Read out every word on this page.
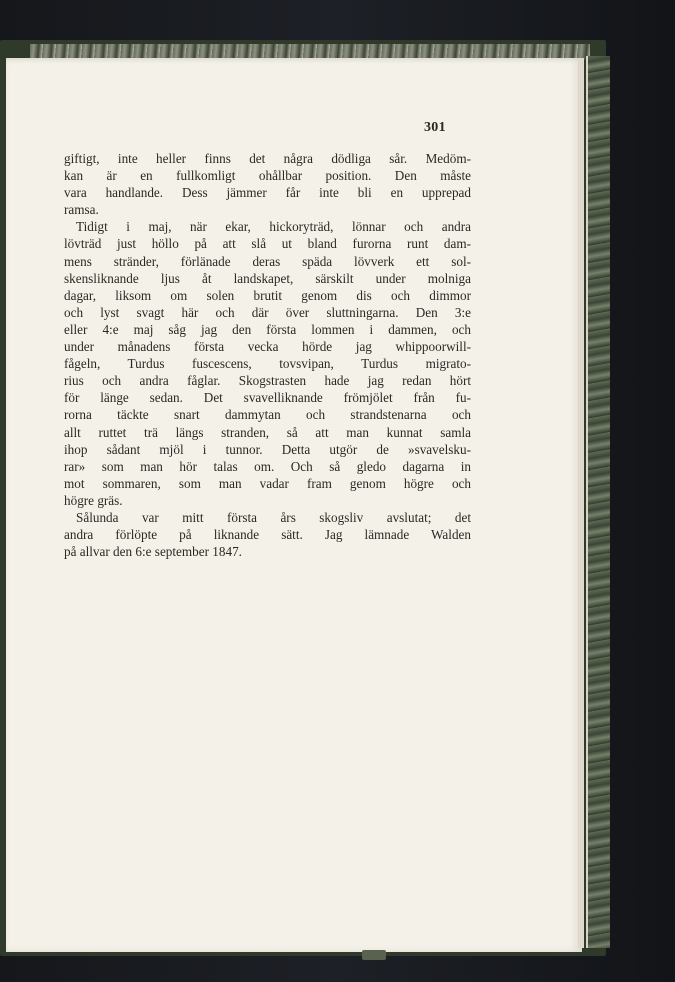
301
giftigt, inte heller finns det några dödliga sår. Medöm-
kan är en fullkomligt ohållbar position. Den måste
vara handlande. Dess jämmer får inte bli en upprepad
ramsa.
Tidigt i maj, när ekar, hickoryträd, lönnar och andra
lövträd just höllo på att slå ut bland furorna runt dam-
mens stränder, förlänade deras späda lövverk ett sol-
skensliknande ljus åt landskapet, särskilt under molniga
dagar, liksom om solen brutit genom dis och dimmor
och lyst svagt här och där över sluttningarna. Den 3:e
eller 4:e maj såg jag den första lommen i dammen, och
under månadens första vecka hörde jag whippoorwill-
fågeln, Turdus fuscescens, tovsvipan, Turdus migrato-
rius och andra fåglar. Skogstrasten hade jag redan hört
för länge sedan. Det svavelliknande frömjölet från fu-
rorna täckte snart dammytan och strandstenarna och
allt ruttet trä längs stranden, så att man kunnat samla
ihop sådant mjöl i tunnor. Detta utgör de »svavelsku-
rar» som man hör talas om. Och så gledo dagarna in
mot sommaren, som man vadar fram genom högre och
högre gräs.
Sålunda var mitt första års skogsliv avslutat; det
andra förlöpte på liknande sätt. Jag lämnade Walden
på allvar den 6:e september 1847.
